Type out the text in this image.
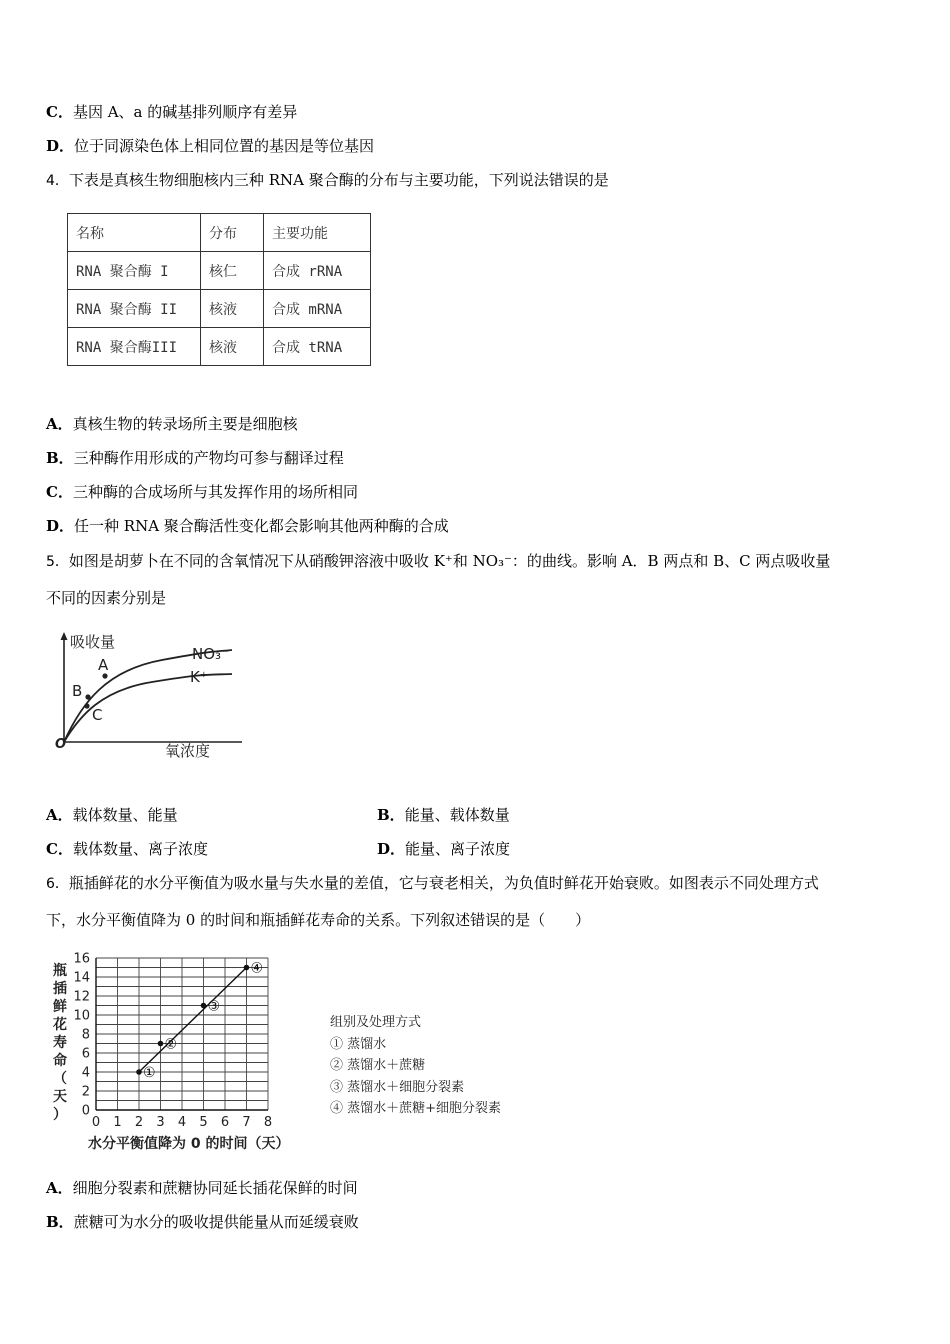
C．基因 A、a 的碱基排列顺序有差异
D．位于同源染色体上相同位置的基因是等位基因
4．下表是真核生物细胞核内三种 RNA 聚合酶的分布与主要功能，下列说法错误的是
名称	分布	主要功能
RNA 聚合酶 I	核仁	合成 rRNA
RNA 聚合酶 II	核液	合成 mRNA
RNA 聚合酶III	核液	合成 tRNA
A．真核生物的转录场所主要是细胞核
B．三种酶作用形成的产物均可参与翻译过程
C．三种酶的合成场所与其发挥作用的场所相同
D．任一种 RNA 聚合酶活性变化都会影响其他两种酶的合成
5．如图是胡萝卜在不同的含氧情况下从硝酸钾溶液中吸收 K⁺和 NO₃⁻：的曲线。影响 A．B 两点和 B、C 两点吸收量
不同的因素分别是
吸收量
氧浓度
O
NO₃⁻
K⁺
A
B
C
A．载体数量、能量	B．能量、载体数量
C．载体数量、离子浓度	D．能量、离子浓度
6．瓶插鲜花的水分平衡值为吸水量与失水量的差值，它与衰老相关，为负值时鲜花开始衰败。如图表示不同处理方式
下，水分平衡值降为 0 的时间和瓶插鲜花寿命的关系。下列叙述错误的是（　　）
0 1 2 3 4 5 6 7 8
0
2
4
6
8
10
12
14
16
①
②
③
④
瓶插鲜花寿命（天）
水分平衡值降为 0 的时间（天）
组别及处理方式
① 蒸馏水
② 蒸馏水＋蔗糖
③ 蒸馏水＋细胞分裂素
④ 蒸馏水＋蔗糖+细胞分裂素
A．细胞分裂素和蔗糖协同延长插花保鲜的时间
B．蔗糖可为水分的吸收提供能量从而延缓衰败
